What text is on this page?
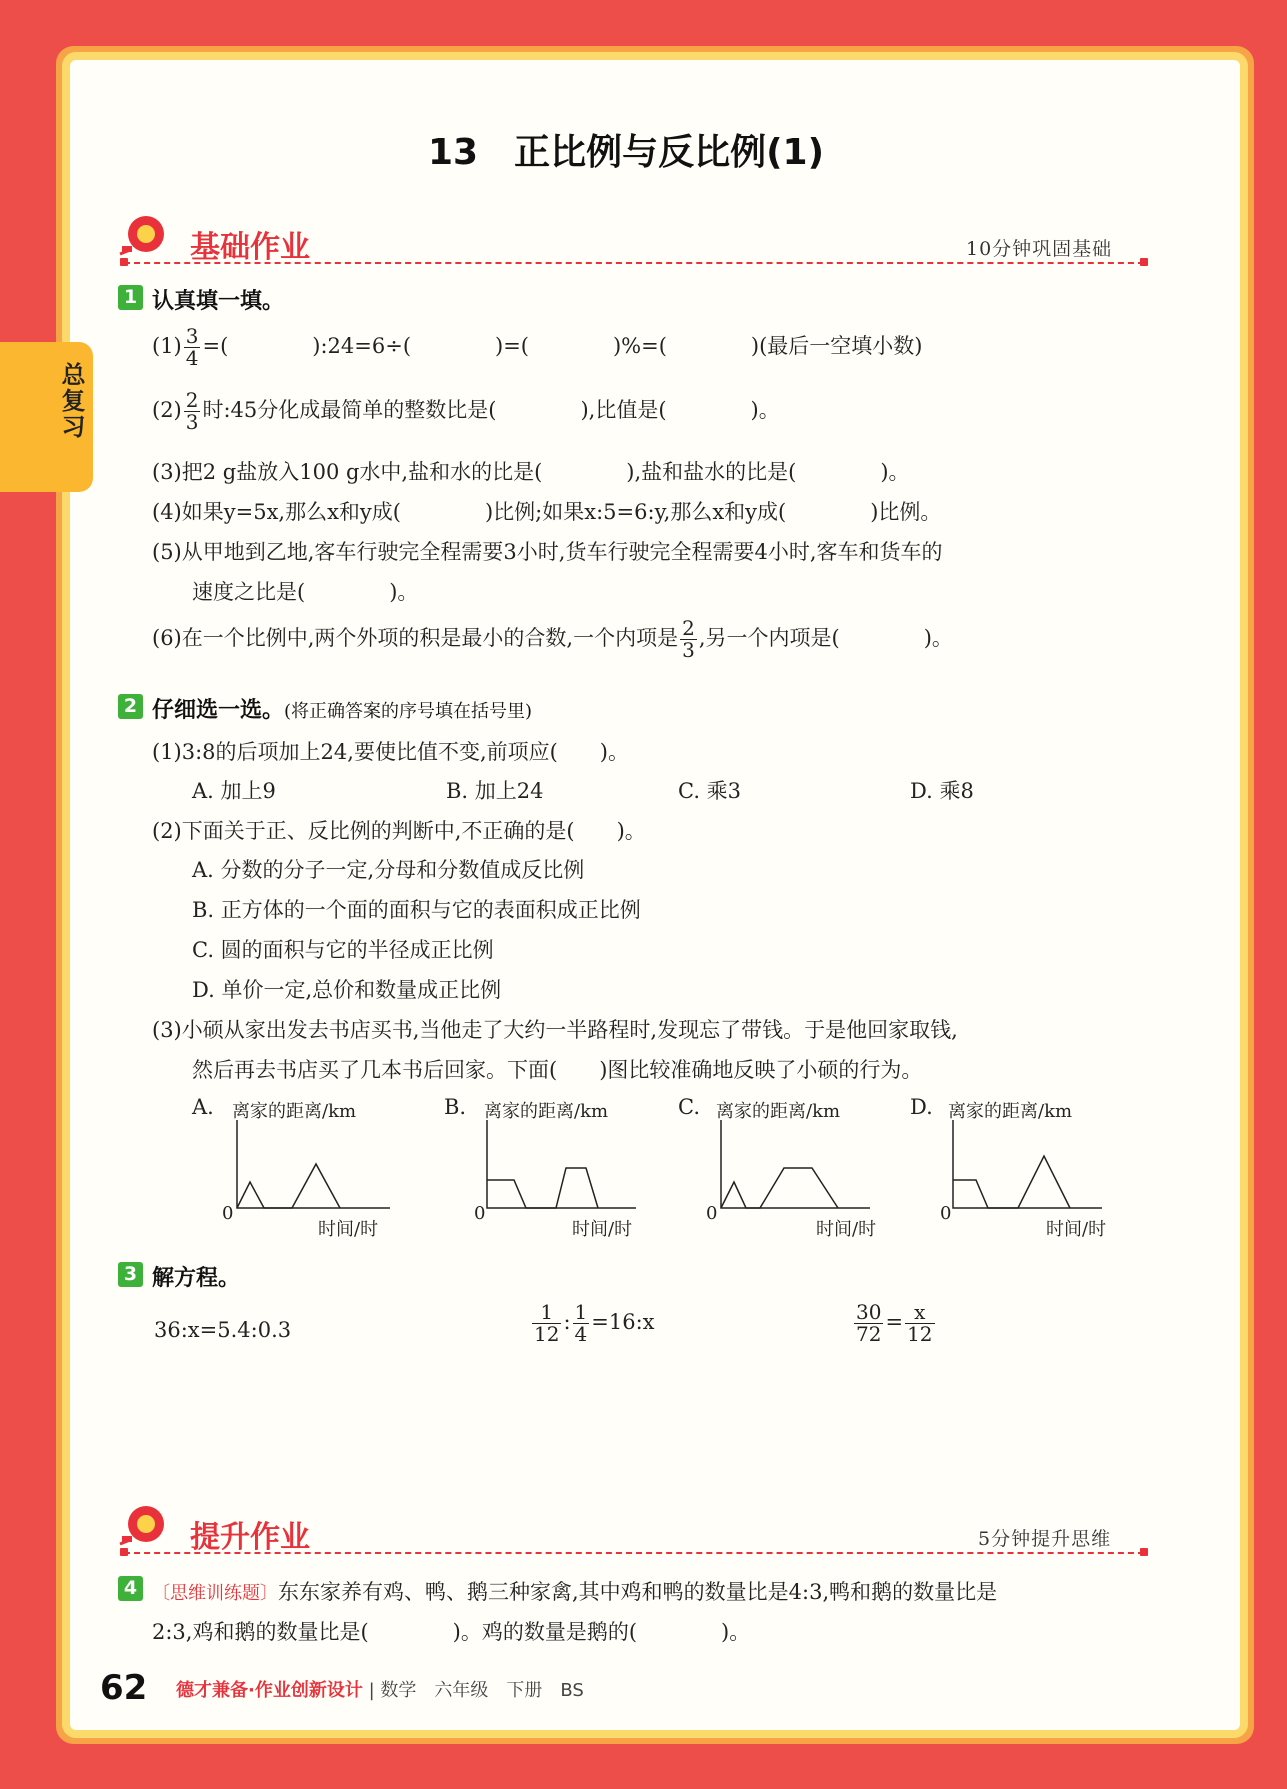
总复习
13　正比例与反比例(1)
基础作业	10分钟巩固基础
1 认真填一填。
$(1) \frac{3}{4}$ =(　　　　):24=6÷(　　　　)=(　　　　)%=(　　　　)(最后一空填小数)
$(2) \frac{2}{3}$ 时:45分化成最简单的整数比是(　　　　),比值是(　　　　)。
(3)把2 g盐放入100 g水中,盐和水的比是(　　　　),盐和盐水的比是(　　　　)。
(4)如果y=5x,那么x和y成(　　　　)比例;如果x:5=6:y,那么x和y成(　　　　)比例。
(5)从甲地到乙地,客车行驶完全程需要3小时,货车行驶完全程需要4小时,客车和货车的
速度之比是(　　　　)。
(6)在一个比例中,两个外项的积是最小的合数,一个内项是 $\frac{2}{3}$ ,另一个内项是(　　　　)。
2 仔细选一选。(将正确答案的序号填在括号里)
(1)3:8的后项加上24,要使比值不变,前项应(　　)。
A. 加上9	B. 加上24	C. 乘3	D. 乘8
(2)下面关于正、反比例的判断中,不正确的是(　　)。
A. 分数的分子一定,分母和分数值成反比例
B. 正方体的一个面的面积与它的表面积成正比例
C. 圆的面积与它的半径成正比例
D. 单价一定,总价和数量成正比例
(3)小硕从家出发去书店买书,当他走了大约一半路程时,发现忘了带钱。于是他回家取钱,
然后再去书店买了几本书后回家。下面(　　)图比较准确地反映了小硕的行为。
A. 离家的距离/km
0
时间/时
B. 离家的距离/km
0
时间/时
C. 离家的距离/km
0
时间/时
D. 离家的距离/km
0
时间/时
3 解方程。
36:x=5.4:0.3	$\frac{1}{12}$ : $\frac{1}{4}$ =16:x	$\frac{30}{72} = \frac{x}{12}$
提升作业	5分钟提升思维
4 〔思维训练题〕东东家养有鸡、鸭、鹅三种家禽,其中鸡和鸭的数量比是4:3,鸭和鹅的数量比是
2:3,鸡和鹅的数量比是(　　　　)。鸡的数量是鹅的(　　　　)。
62 德才兼备·作业创新设计 | 数学　六年级　下册　BS
